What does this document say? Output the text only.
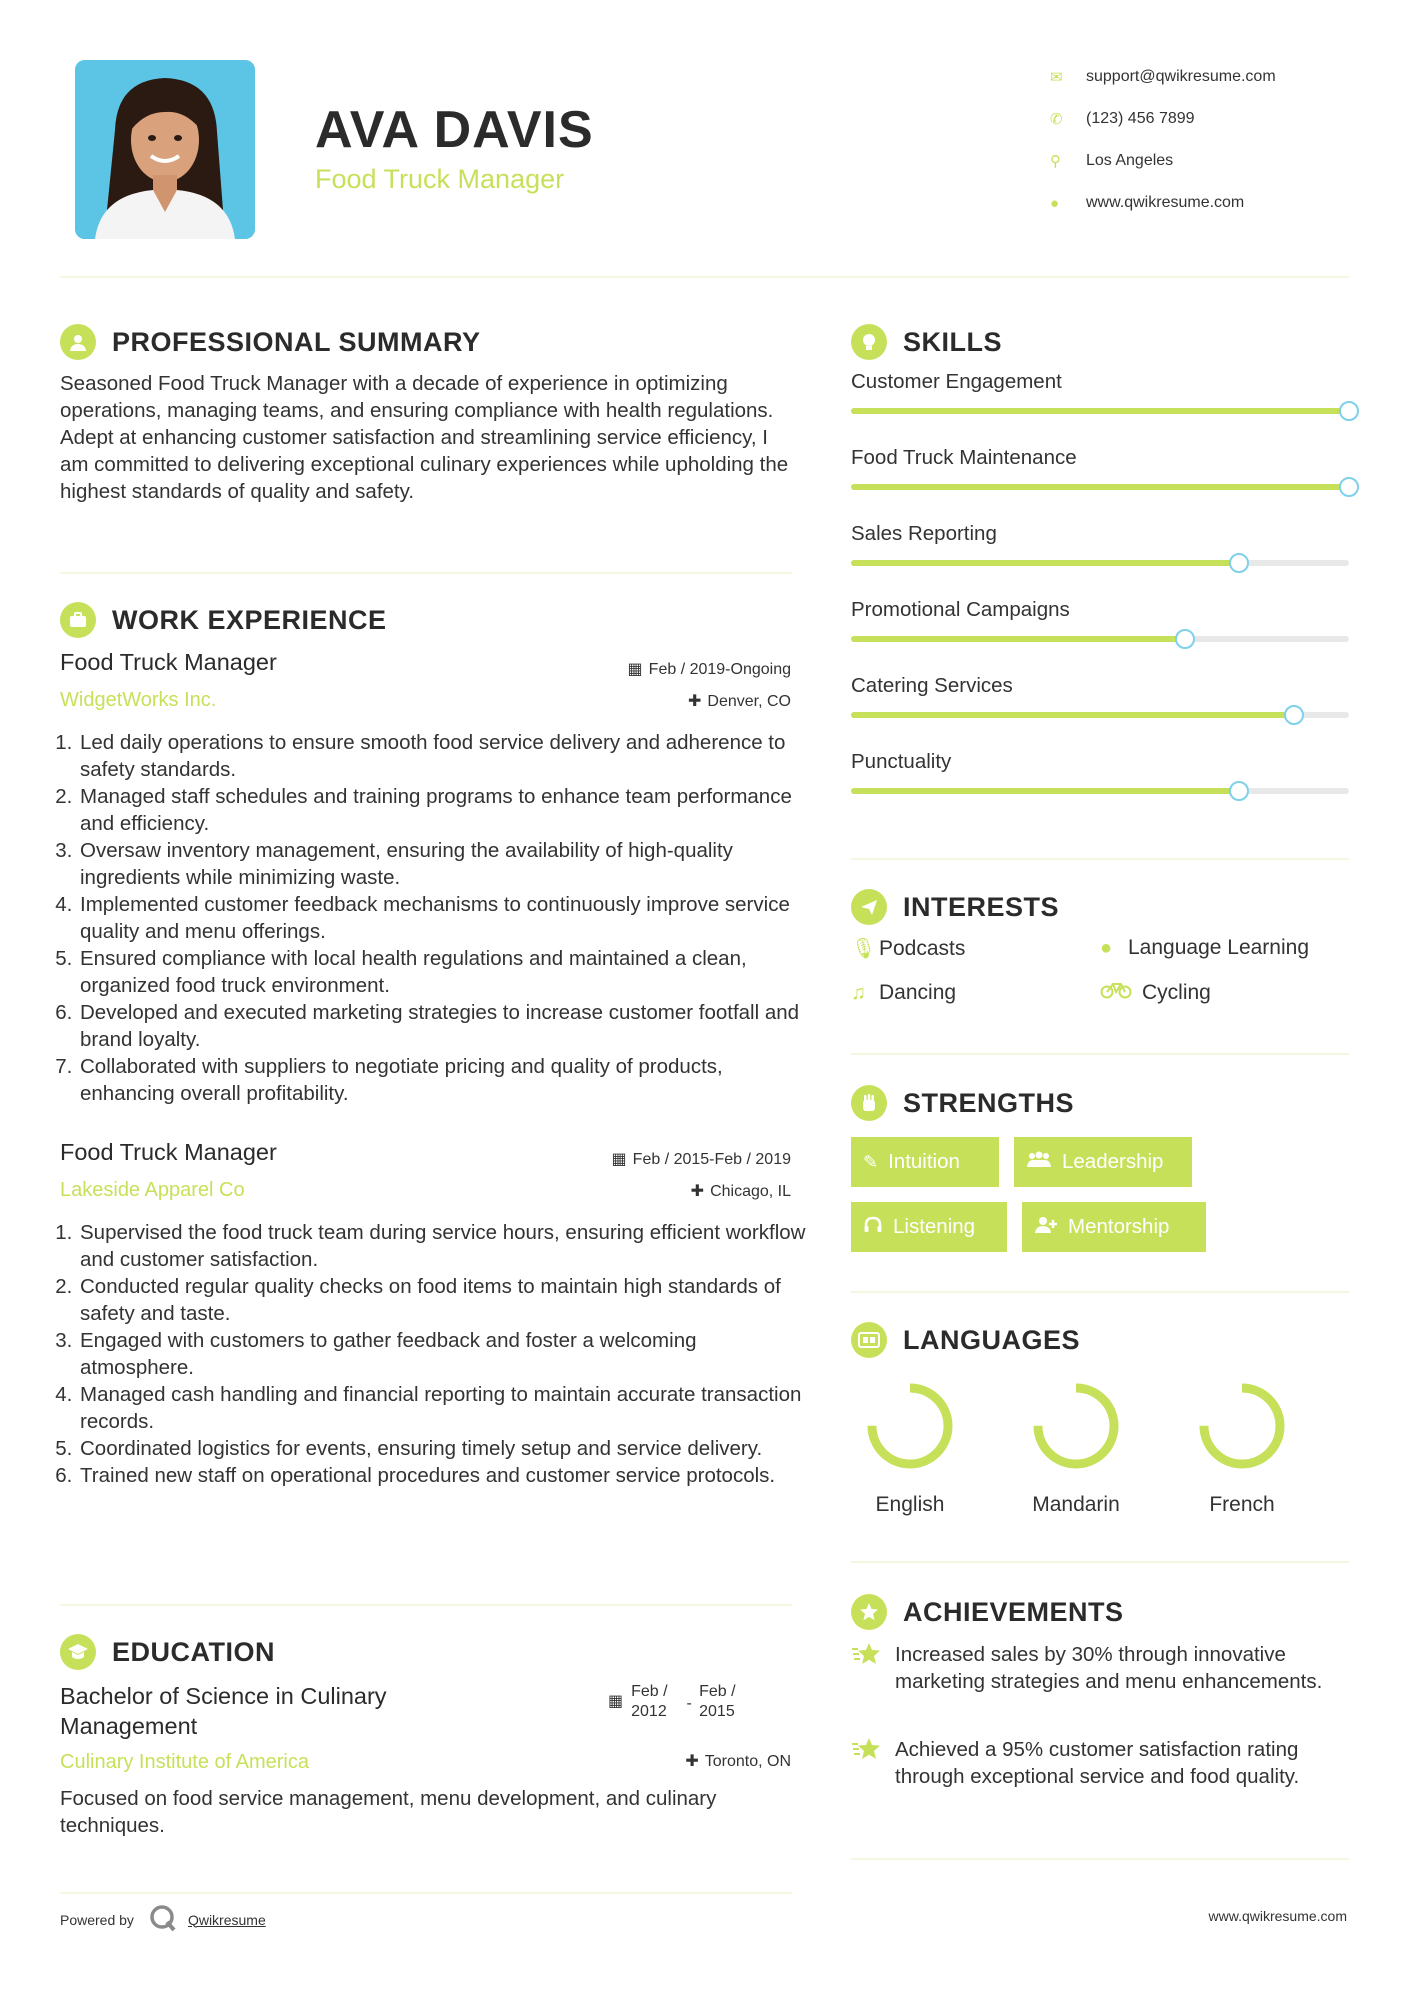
AVA DAVIS
Food Truck Manager
✉	support@qwikresume.com
✆	(123) 456 7899
⚲	Los Angeles
●	www.qwikresume.com
PROFESSIONAL SUMMARY
Seasoned Food Truck Manager with a decade of experience in optimizing operations, managing teams, and ensuring compliance with health regulations. Adept at enhancing customer satisfaction and streamlining service efficiency, I am committed to delivering exceptional culinary experiences while upholding the highest standards of quality and safety.
WORK EXPERIENCE
Food Truck Manager
WidgetWorks Inc.
▦ Feb / 2019-Ongoing
✚ Denver, CO
1. Led daily operations to ensure smooth food service delivery and adherence to safety standards.
2. Managed staff schedules and training programs to enhance team performance and efficiency.
3. Oversaw inventory management, ensuring the availability of high-quality ingredients while minimizing waste.
4. Implemented customer feedback mechanisms to continuously improve service quality and menu offerings.
5. Ensured compliance with local health regulations and maintained a clean, organized food truck environment.
6. Developed and executed marketing strategies to increase customer footfall and brand loyalty.
7. Collaborated with suppliers to negotiate pricing and quality of products, enhancing overall profitability.
Food Truck Manager
Lakeside Apparel Co
▦ Feb / 2015-Feb / 2019
✚ Chicago, IL
1. Supervised the food truck team during service hours, ensuring efficient workflow and customer satisfaction.
2. Conducted regular quality checks on food items to maintain high standards of safety and taste.
3. Engaged with customers to gather feedback and foster a welcoming atmosphere.
4. Managed cash handling and financial reporting to maintain accurate transaction records.
5. Coordinated logistics for events, ensuring timely setup and service delivery.
6. Trained new staff on operational procedures and customer service protocols.
EDUCATION
Bachelor of Science in Culinary
Management
▦
Feb /
2012	-
Feb /
2015
Culinary Institute of America	✚ Toronto, ON
Focused on food service management, menu development, and culinary techniques.
SKILLS
Customer Engagement
Food Truck Maintenance
Sales Reporting
Promotional Campaigns
Catering Services
Punctuality
INTERESTS
🎙 Podcasts	● Language Learning
♫ Dancing	Cycling
STRENGTHS
✎ Intuition	Leadership
Listening	Mentorship
LANGUAGES
English	Mandarin	French
ACHIEVEMENTS
Increased sales by 30% through innovative marketing strategies and menu enhancements.
Achieved a 95% customer satisfaction rating through exceptional service and food quality.
Powered by	Qwikresume	www.qwikresume.com
